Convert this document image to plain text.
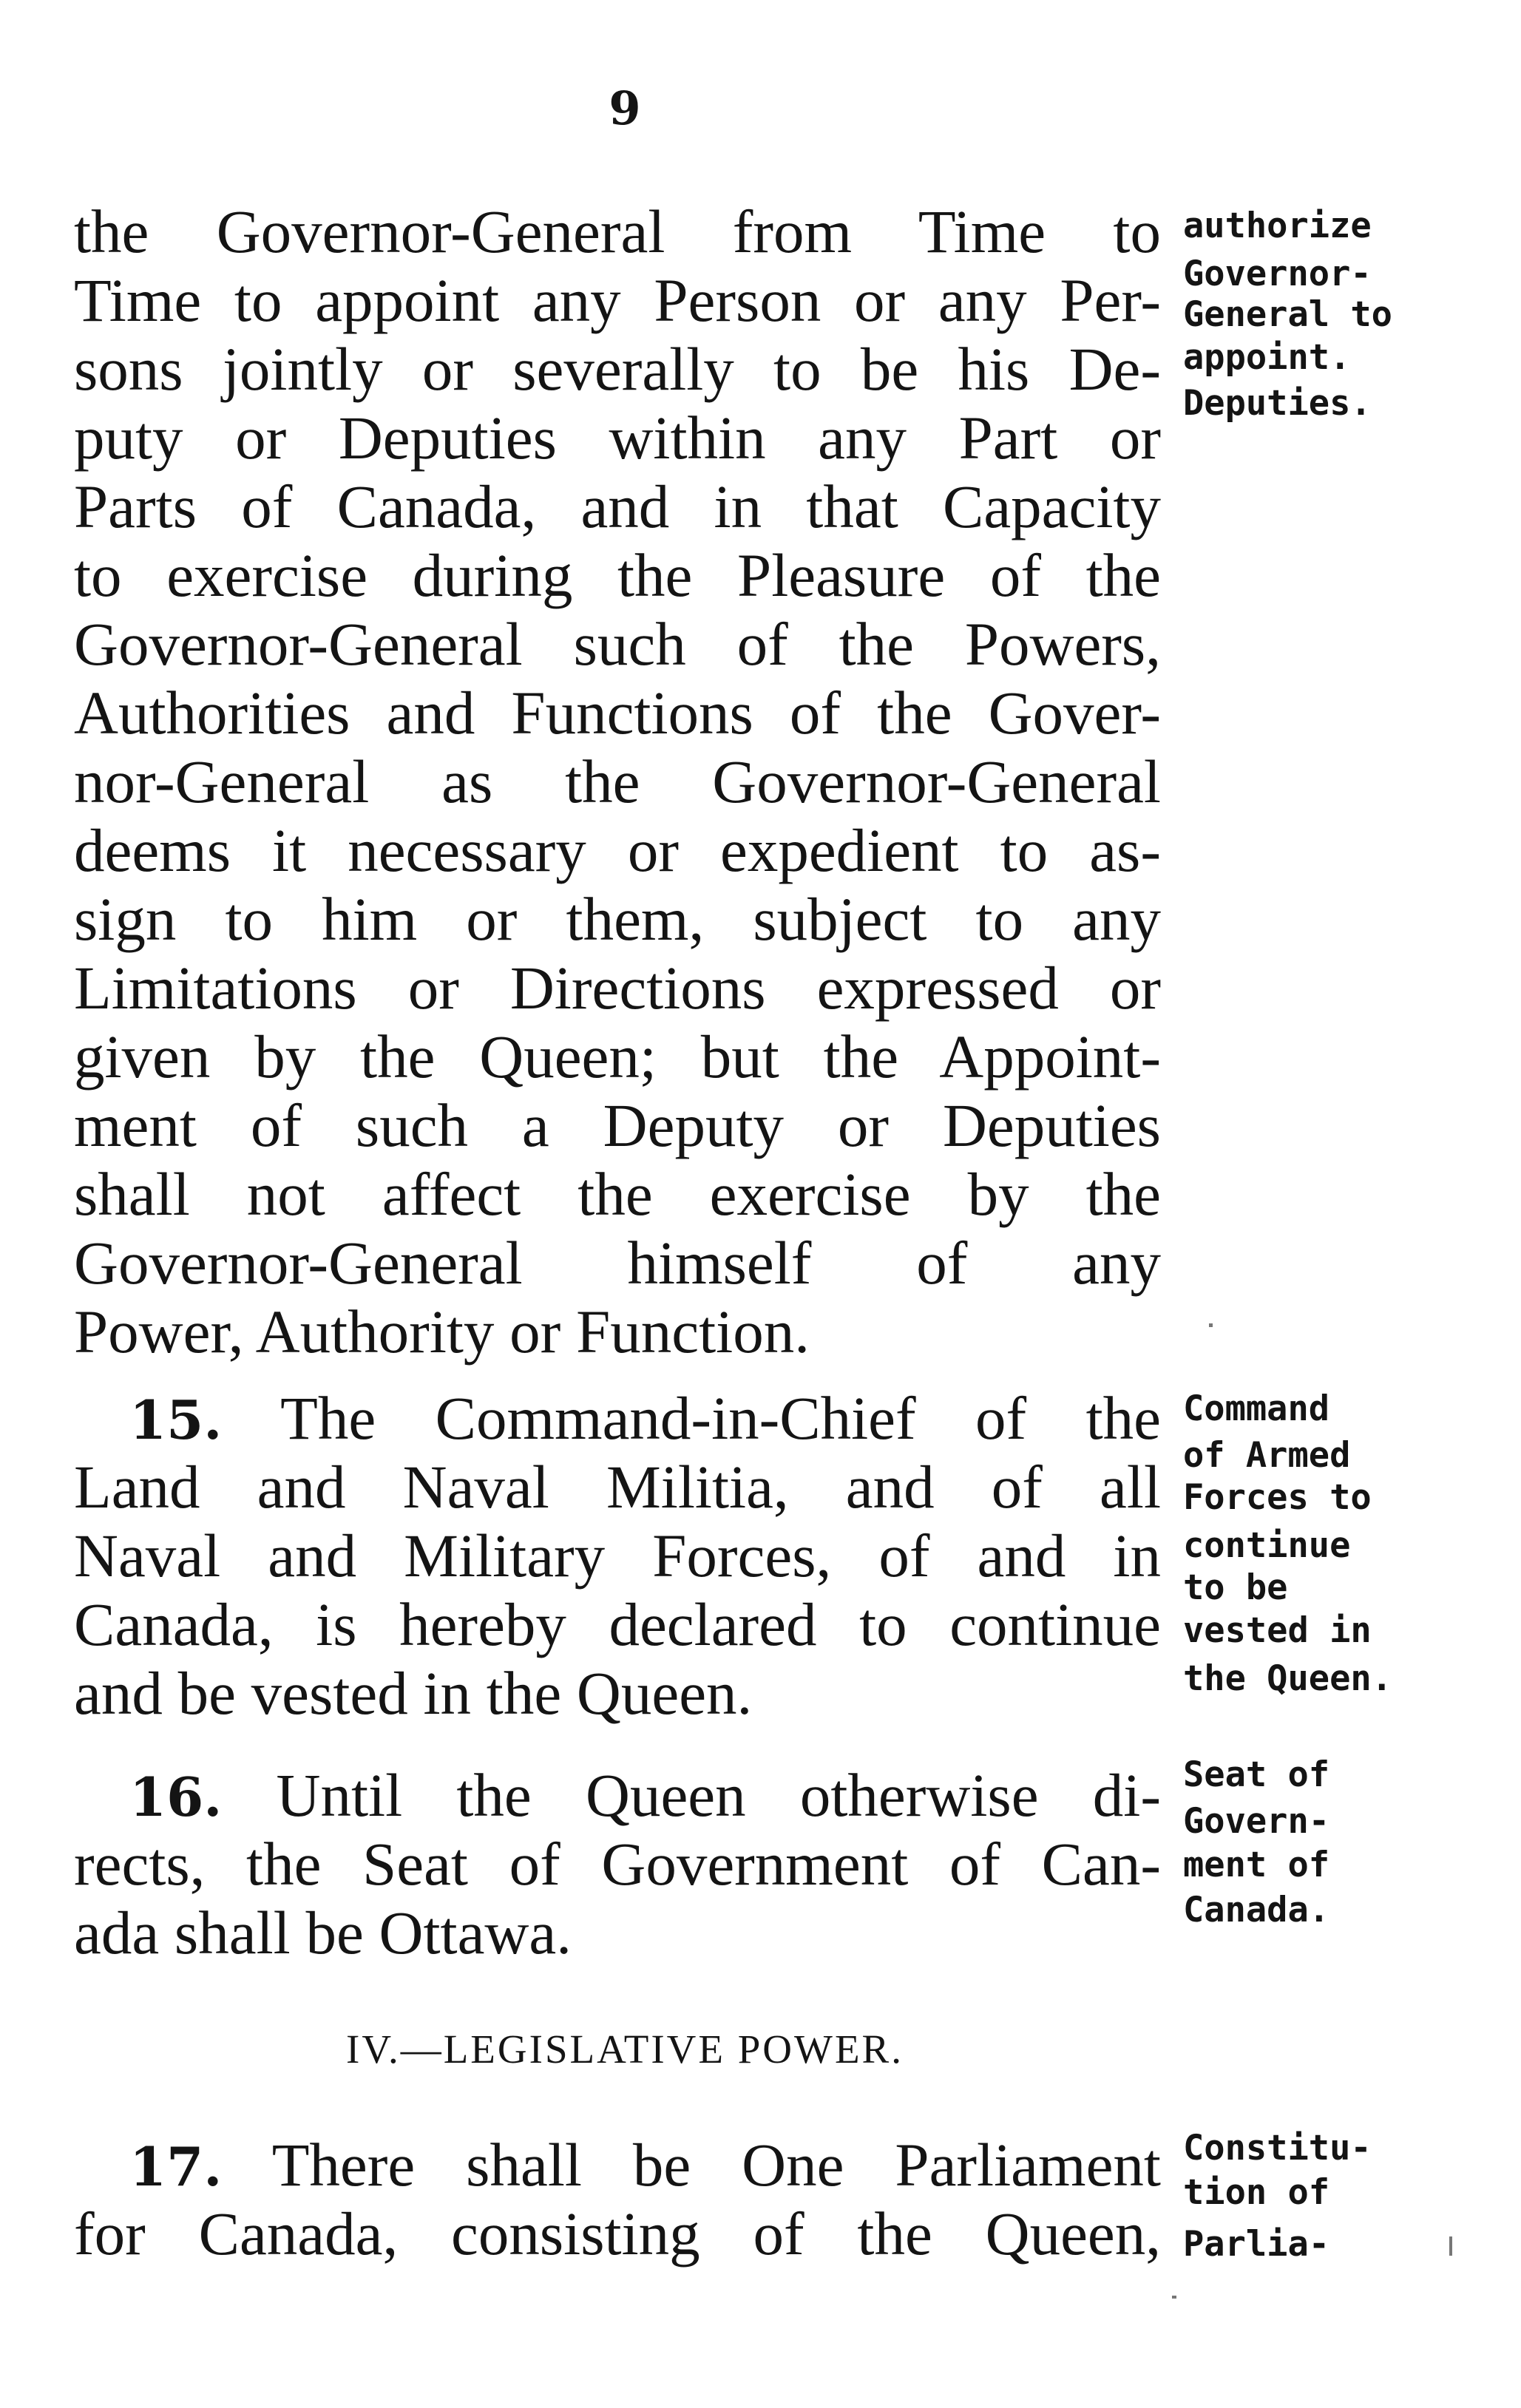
9
the Governor-General from Time to
Time to appoint any Person or any Per-
sons jointly or severally to be his De-
puty or Deputies within any Part or
Parts of Canada, and in that Capacity
to exercise during the Pleasure of the
Governor-General such of the Powers,
Authorities and Functions of the Gover-
nor-General as the Governor-General
deems it necessary or expedient to as-
sign to him or them, subject to any
Limitations or Directions expressed or
given by the Queen; but the Appoint-
ment of such a Deputy or Deputies
shall not affect the exercise by the
Governor-General himself of any
Power, Authority or Function.
authorize
Governor-
General to
appoint.
Deputies.
15. The Command-in-Chief of the
Land and Naval Militia, and of all
Naval and Military Forces, of and in
Canada, is hereby declared to continue
and be vested in the Queen.
Command
of Armed
Forces to
continue
to be
vested in
the Queen.
16. Until the Queen otherwise di-
rects, the Seat of Government of Can-
ada shall be Ottawa.
Seat of
Govern-
ment of
Canada.
IV.—LEGISLATIVE POWER.
17. There shall be One Parliament
for Canada, consisting of the Queen,
Constitu-
tion of
Parlia-
